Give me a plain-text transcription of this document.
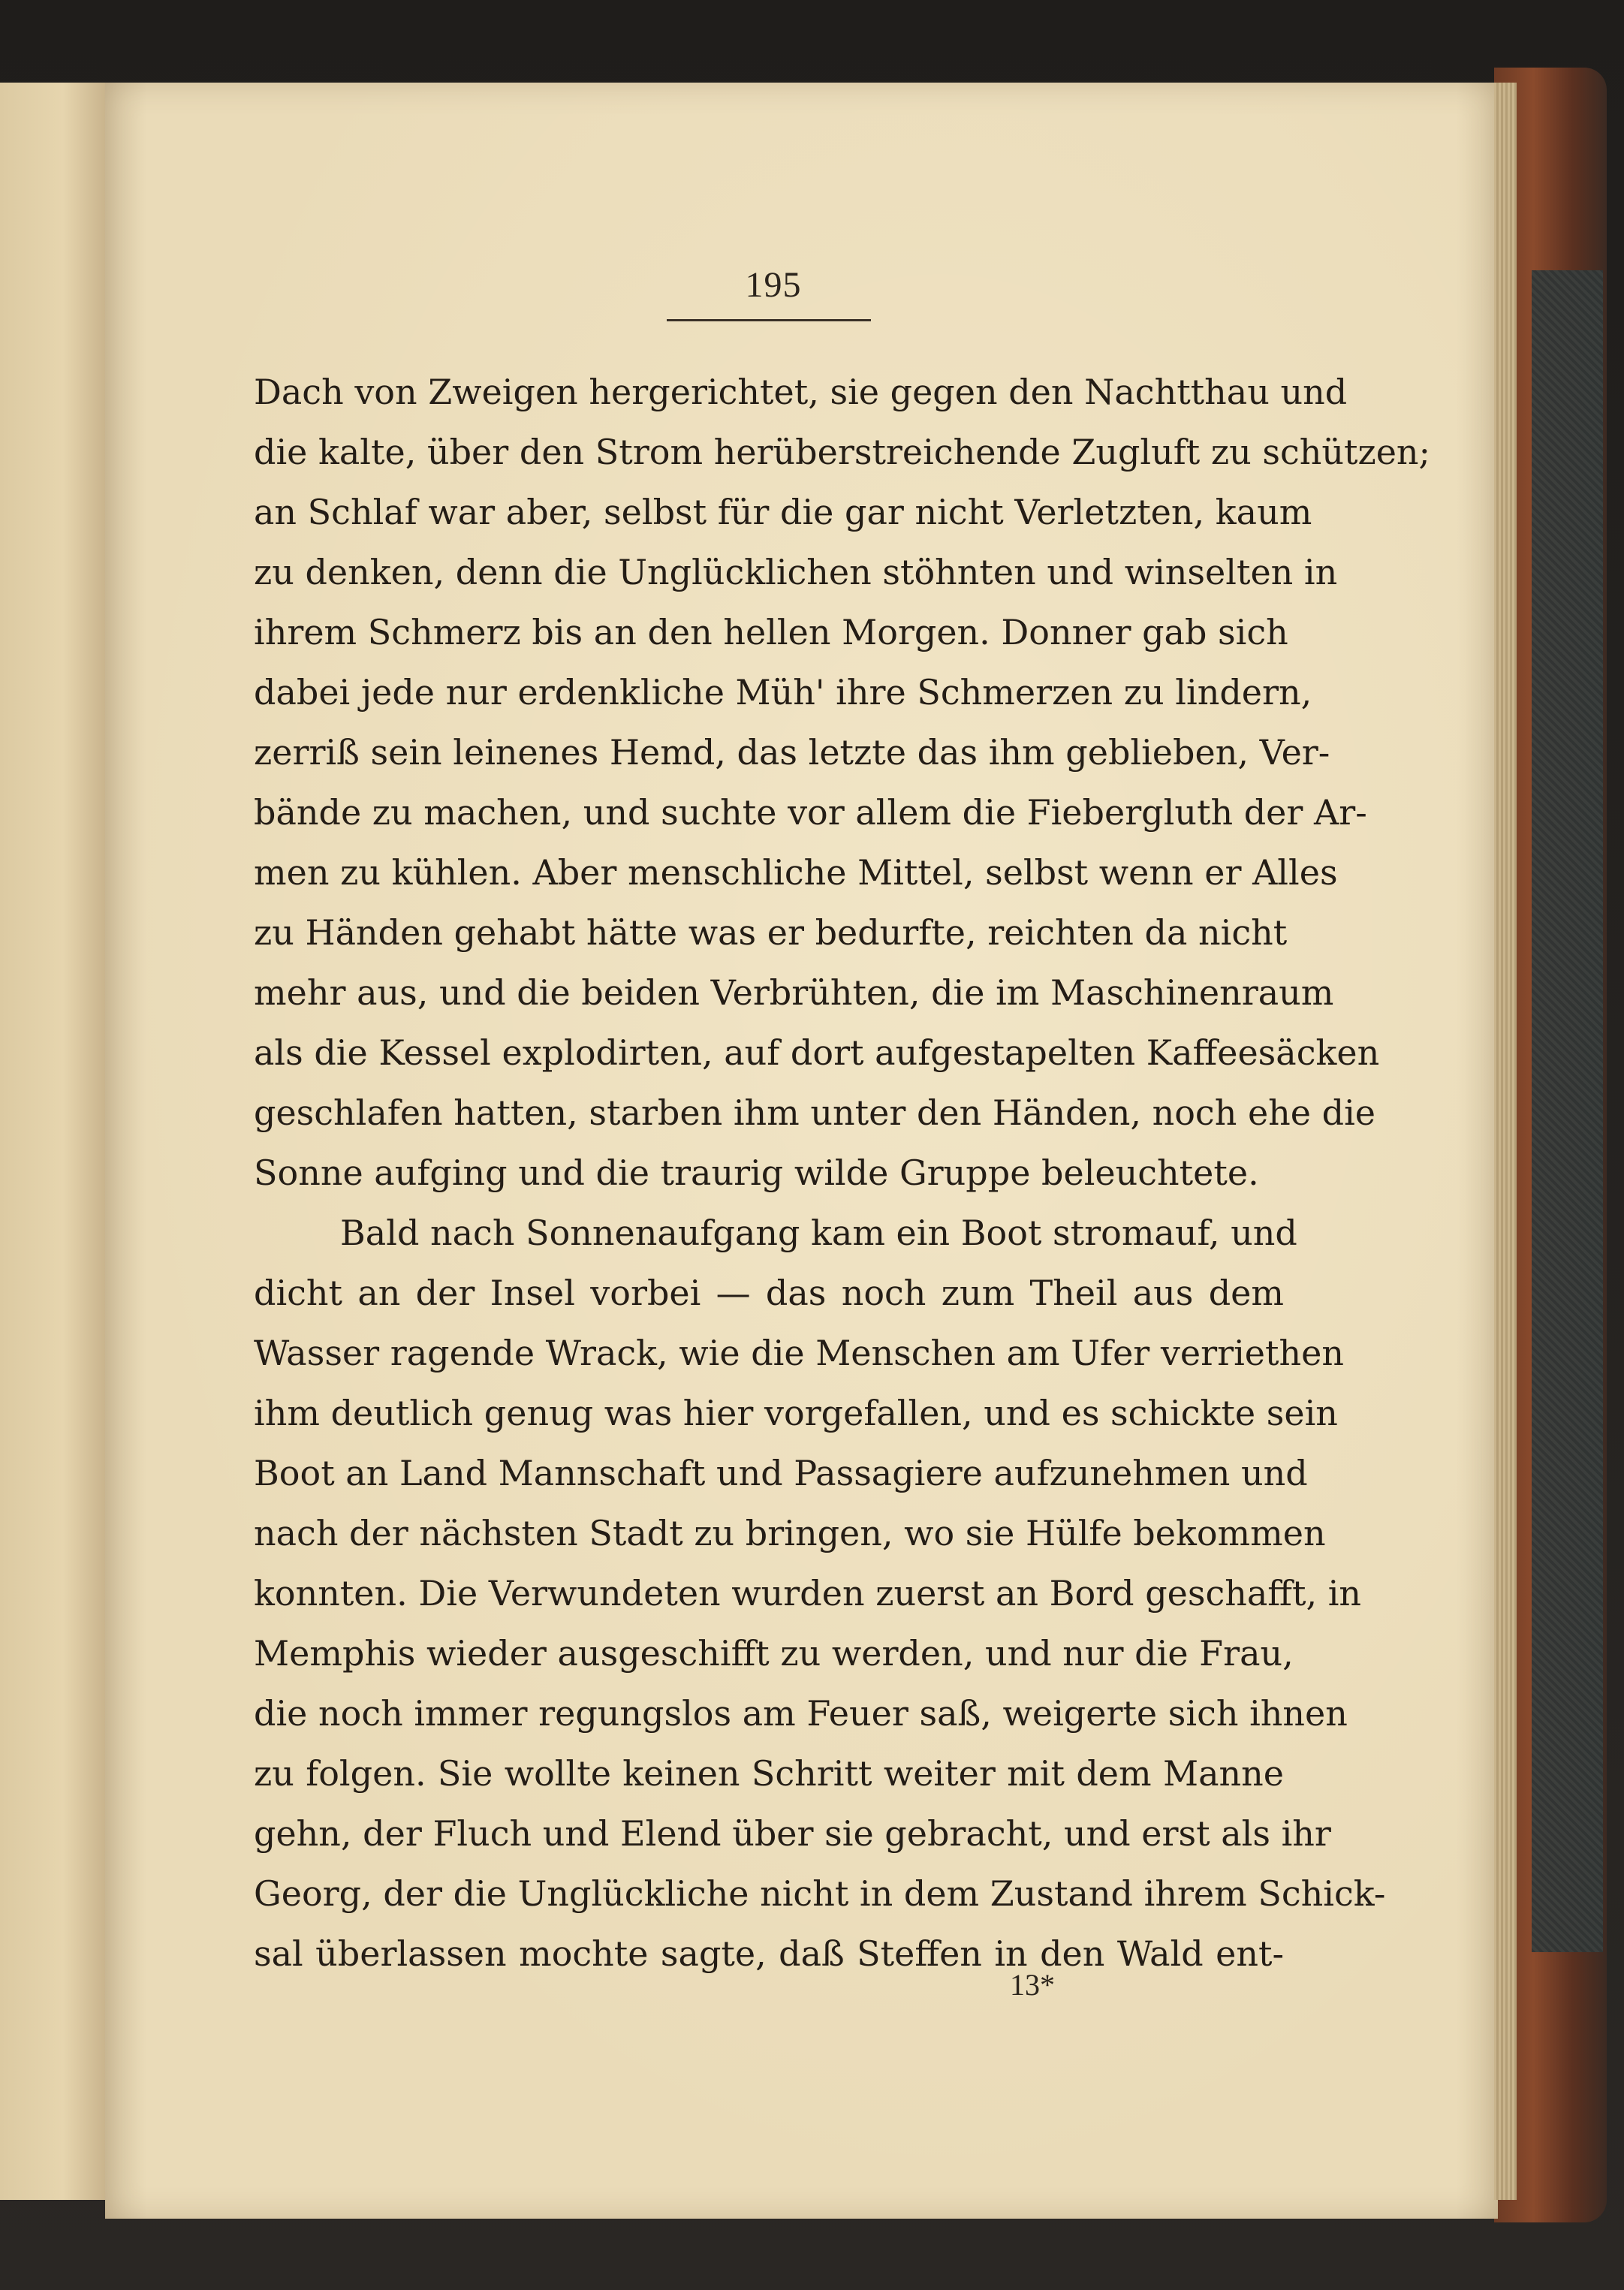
195
Dach von Zweigen hergerichtet, sie gegen den Nachtthau und
die kalte, über den Strom herüberstreichende Zugluft zu schützen;
an Schlaf war aber, selbst für die gar nicht Verletzten, kaum
zu denken, denn die Unglücklichen stöhnten und winselten in
ihrem Schmerz bis an den hellen Morgen. Donner gab sich
dabei jede nur erdenkliche Müh' ihre Schmerzen zu lindern,
zerriß sein leinenes Hemd, das letzte das ihm geblieben, Ver-
bände zu machen, und suchte vor allem die Fiebergluth der Ar-
men zu kühlen. Aber menschliche Mittel, selbst wenn er Alles
zu Händen gehabt hätte was er bedurfte, reichten da nicht
mehr aus, und die beiden Verbrühten, die im Maschinenraum
als die Kessel explodirten, auf dort aufgestapelten Kaffeesäcken
geschlafen hatten, starben ihm unter den Händen, noch ehe die
Sonne aufging und die traurig wilde Gruppe beleuchtete.
Bald nach Sonnenaufgang kam ein Boot stromauf, und
dicht an der Insel vorbei — das noch zum Theil aus dem
Wasser ragende Wrack, wie die Menschen am Ufer verriethen
ihm deutlich genug was hier vorgefallen, und es schickte sein
Boot an Land Mannschaft und Passagiere aufzunehmen und
nach der nächsten Stadt zu bringen, wo sie Hülfe bekommen
konnten. Die Verwundeten wurden zuerst an Bord geschafft, in
Memphis wieder ausgeschifft zu werden, und nur die Frau,
die noch immer regungslos am Feuer saß, weigerte sich ihnen
zu folgen. Sie wollte keinen Schritt weiter mit dem Manne
gehn, der Fluch und Elend über sie gebracht, und erst als ihr
Georg, der die Unglückliche nicht in dem Zustand ihrem Schick-
sal überlassen mochte sagte, daß Steffen in den Wald ent-
13*
